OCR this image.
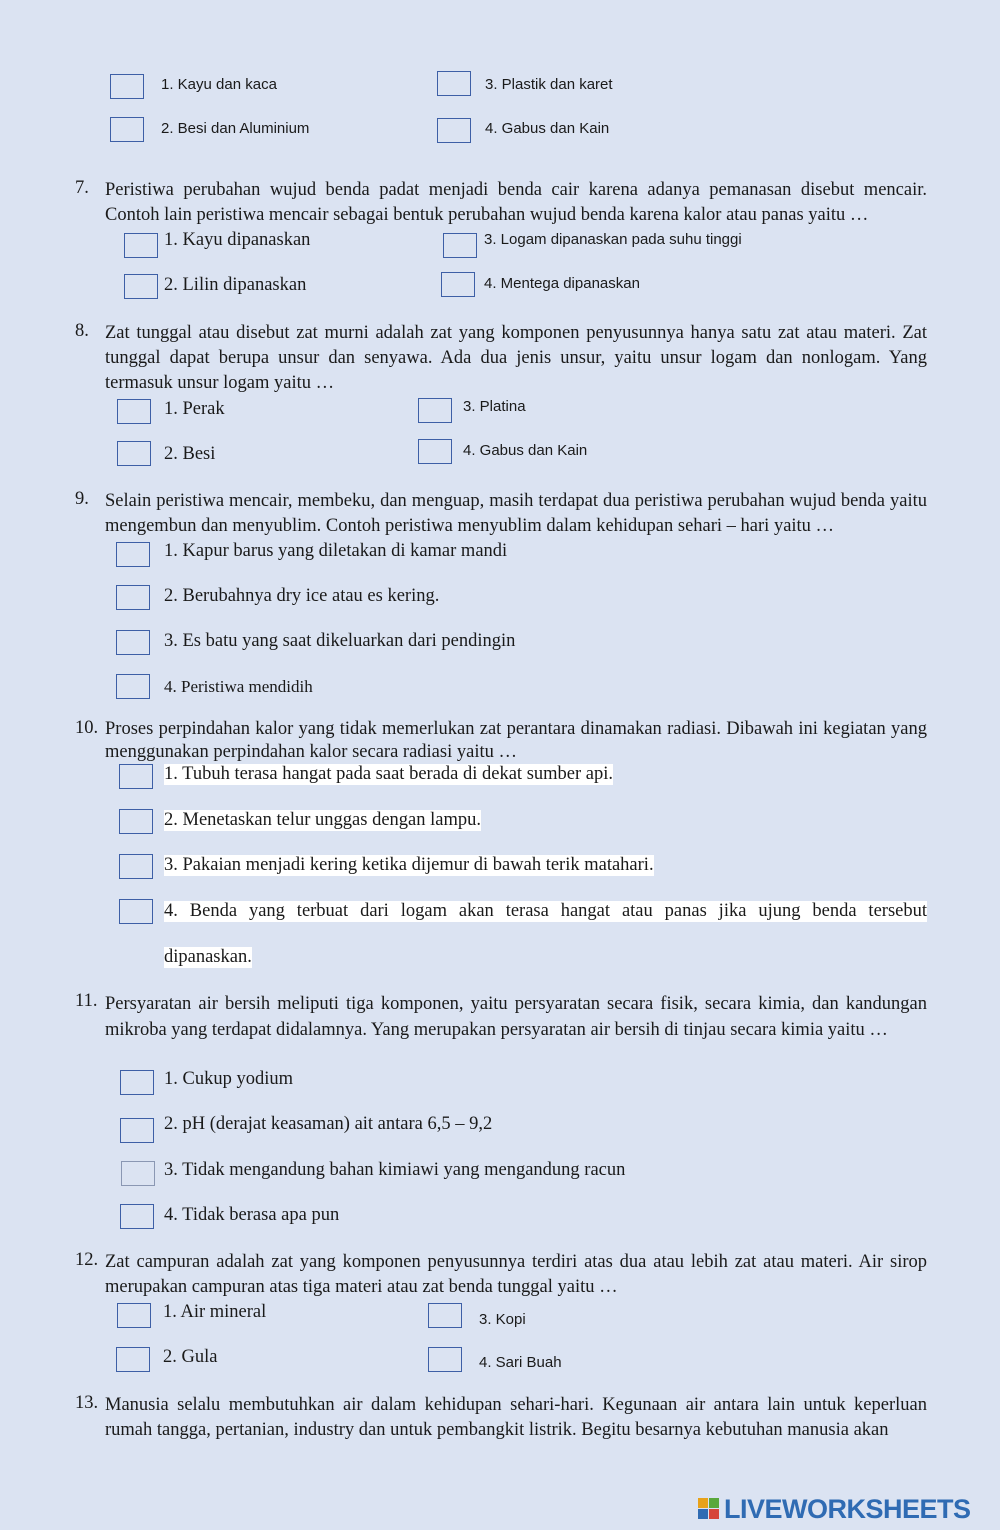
1. Kayu dan kaca
2. Besi dan Aluminium
3. Plastik dan karet
4. Gabus dan Kain
7. Peristiwa perubahan wujud benda padat menjadi benda cair karena adanya pemanasan disebut mencair. Contoh lain peristiwa mencair sebagai bentuk perubahan wujud benda karena kalor atau panas yaitu …
1. Kayu dipanaskan
2. Lilin dipanaskan
3. Logam dipanaskan pada suhu tinggi
4. Mentega dipanaskan
8. Zat tunggal atau disebut zat murni adalah zat yang komponen penyusunnya hanya satu zat atau materi. Zat tunggal dapat berupa unsur dan senyawa. Ada dua jenis unsur, yaitu unsur logam dan nonlogam. Yang termasuk unsur logam yaitu …
1. Perak
2. Besi
3. Platina
4. Gabus dan Kain
9. Selain peristiwa mencair, membeku, dan menguap, masih terdapat dua peristiwa perubahan wujud benda yaitu mengembun dan menyublim. Contoh peristiwa menyublim dalam kehidupan sehari – hari yaitu …
1. Kapur barus yang diletakan di kamar mandi
2. Berubahnya dry ice atau es kering.
3. Es batu yang saat dikeluarkan dari pendingin
4. Peristiwa mendidih
10. Proses perpindahan kalor yang tidak memerlukan zat perantara dinamakan radiasi. Dibawah ini kegiatan yang menggunakan perpindahan kalor secara radiasi yaitu …
1. Tubuh terasa hangat pada saat berada di dekat sumber api.
2. Menetaskan telur unggas dengan lampu.
3. Pakaian menjadi kering ketika dijemur di bawah terik matahari.
4. Benda yang terbuat dari logam akan terasa hangat atau panas jika ujung benda tersebut
dipanaskan.
11. Persyaratan air bersih meliputi tiga komponen, yaitu persyaratan secara fisik, secara kimia, dan kandungan mikroba yang terdapat didalamnya. Yang merupakan persyaratan air bersih di tinjau secara kimia yaitu …
1. Cukup yodium
2. pH (derajat keasaman) ait antara 6,5 – 9,2
3. Tidak mengandung bahan kimiawi yang mengandung racun
4. Tidak berasa apa pun
12. Zat campuran adalah zat yang komponen penyusunnya terdiri atas dua atau lebih zat atau materi. Air sirop merupakan campuran atas tiga materi atau zat benda tunggal yaitu …
1. Air mineral
2. Gula
3. Kopi
4. Sari Buah
13. Manusia selalu membutuhkan air dalam kehidupan sehari-hari. Kegunaan air antara lain untuk keperluan rumah tangga, pertanian, industry dan untuk pembangkit listrik. Begitu besarnya kebutuhan manusia akan
LIVEWORKSHEETS
